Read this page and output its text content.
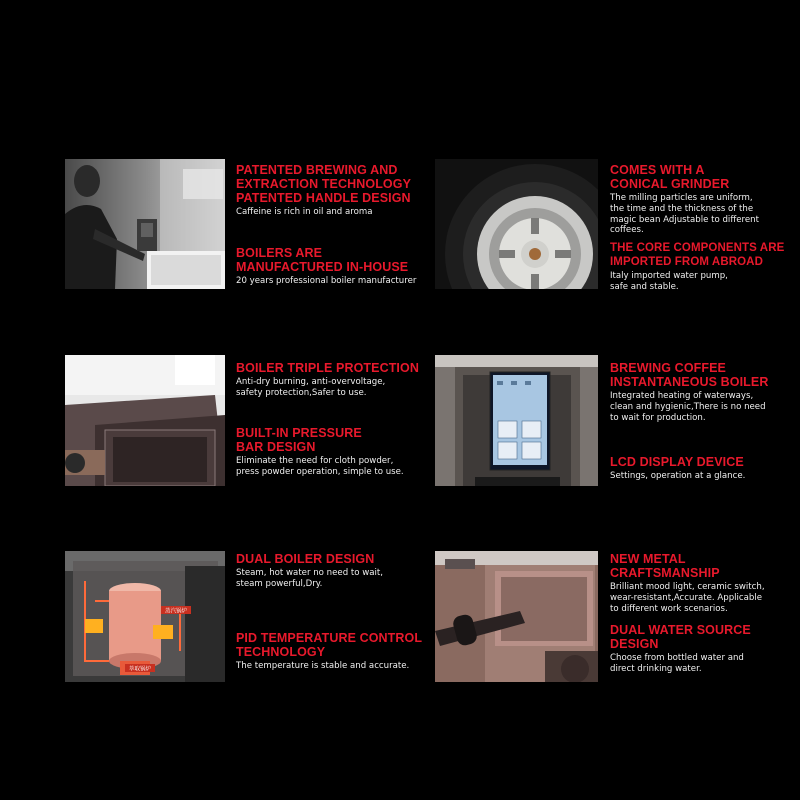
PATENTED BREWING AND
EXTRACTION TECHNOLOGY
PATENTED HANDLE DESIGN

Caffeine is rich in oil and aroma

BOILERS ARE
MANUFACTURED IN-HOUSE

20 years professional boiler manufacturer

COMES WITH A
CONICAL GRINDER

The milling particles are uniform,
the time and the thickness of the
magic bean Adjustable to different
coffees.

THE CORE COMPONENTS ARE
IMPORTED FROM ABROAD

Italy imported water pump,
safe and stable.

BOILER TRIPLE PROTECTION

Anti-dry burning, anti-overvoltage,
safety protection,Safer to use.

BUILT-IN PRESSURE
BAR DESIGN

Eliminate the need for cloth powder,
press powder operation, simple to use.

BREWING COFFEE
INSTANTANEOUS BOILER

Integrated heating of waterways,
clean and hygienic,There is no need
to wait for production.

LCD DISPLAY DEVICE

Settings, operation at a glance.

蒸汽锅炉
萃取锅炉
DUAL BOILER DESIGN

Steam, hot water no need to wait,
steam powerful,Dry.

PID TEMPERATURE CONTROL
TECHNOLOGY

The temperature is stable and accurate.

NEW METAL
CRAFTSMANSHIP

Brilliant mood light, ceramic switch,
wear-resistant,Accurate. Applicable
to different work scenarios.

DUAL WATER SOURCE
DESIGN

Choose from bottled water and
direct drinking water.
